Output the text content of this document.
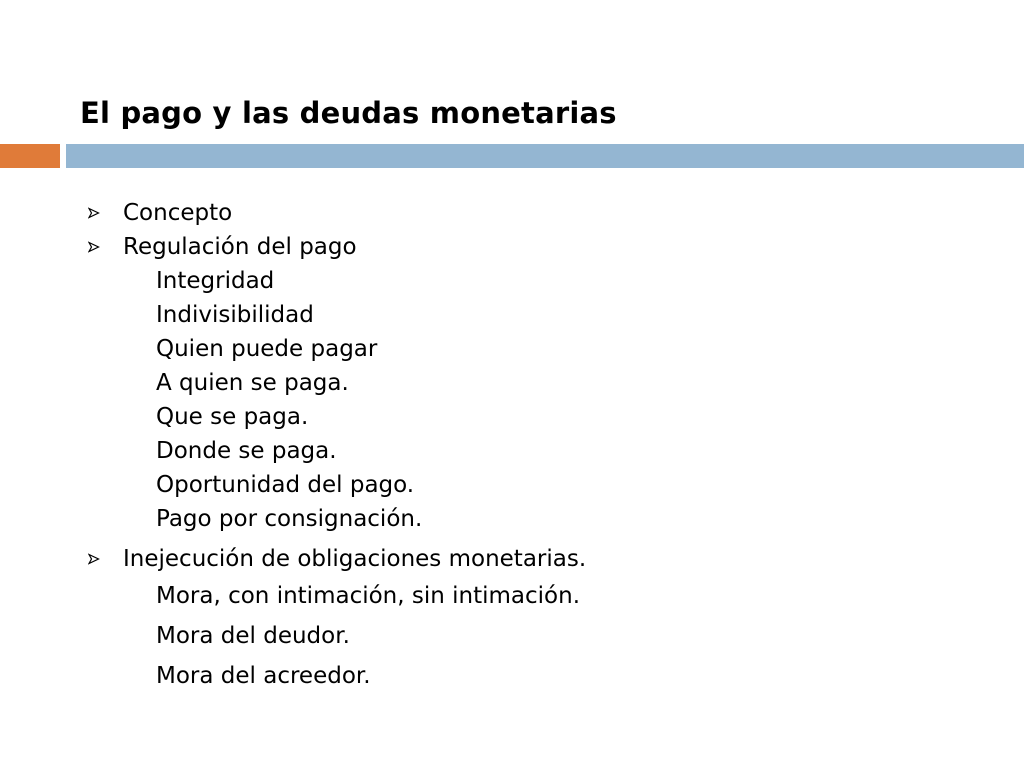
El pago y las deudas monetarias
Concepto
Regulación del pago
Integridad
Indivisibilidad
Quien puede pagar
A quien se paga.
Que se paga.
Donde se paga.
Oportunidad del pago.
Pago por consignación.
Inejecución de obligaciones monetarias.
Mora, con intimación, sin intimación.
Mora del deudor.
Mora del acreedor.
